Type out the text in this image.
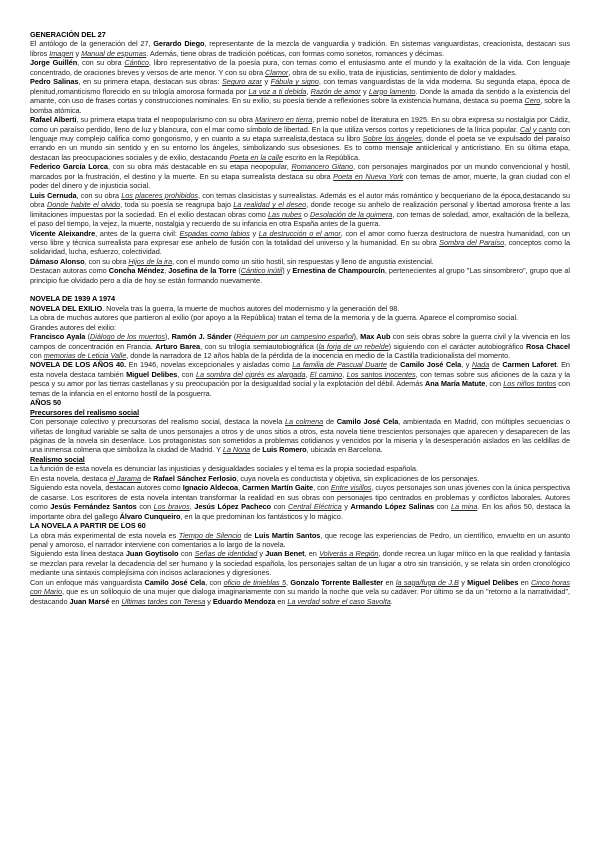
GENERACIÓN DEL 27

El antólogo de la generación del 27, Gerardo Diego, representante de la mezcla de vanguardia y tradición. En sistemas vanguardistas, creacionista, destacan sus libros Imagen y Manual de espumas. Además, tiene obras de tradición poéticas, con formas como sonetos, romances y décimas.

Jorge Guillén, con su obra Cántico, libro representativo de la poesía pura, con temas como el entusiasmo ante el mundo y la exaltación de la vida. Con lenguaje concentrado, de oraciones breves y versos de arte menor. Y con su obra Clamor, obra de su exilio, trata de injusticias, sentimiento de dolor y maldades.

Pedro Salinas, en su primera etapa, destacan sus obras: Seguro azar y Fábula y signo, con temas vanguardistas de la vida moderna. Su segunda etapa, época de plenitud,romanticismo florecido en su trilogía amorosa formada por La voz a ti debida, Razón de amor y Largo lamento. Donde la amada da sentido a la existencia del amante, con uso de frases cortas y construcciones nominales. En su exilio, su poesía tiende a reflexiones sobre la existencia humana, destaca su poema Cero, sobre la bomba atómica.

Rafael Alberti, su primera etapa trata el neopopularismo con su obra Marinero en tierra, premio nobel de literatura en 1925. En su obra expresa su nostalgia por Cádiz, como un paraíso perdido, lleno de luz y blancura, con el mar como símbolo de libertad. En la que utiliza versos cortos y repeticiones de la lírica popular. Cal y canto con lenguaje muy complejo califica como gongorismo, y en cuanto a su etapa surrealista,destaca su libro Sobre los ángeles, donde el poeta se ve expulsado del paraíso errando en un mundo sin sentido y en su entorno los ángeles, simbolizando sus obsesiones. Es to como mensaje antiiclerical y anticristiano. En su última etapa, destacan las preocupaciones sociales y de exilio, destacando Poeta en la calle escrito en la República.

Federico García Lorca, con su obra más destacable en su etapa neopopular, Romancero Gitano, con personajes marginados por un mundo convencional y hostil, marcados por la frustración, el destino y la muerte. En su etapa surrealista destaca su obra Poeta en Nueva York con temas de amor, muerte, la gran ciudad con el poder del dinero y de injusticia social.

Luis Cernuda, con su obra Los placeres prohibidos, con temas clasicistas y surrealistas. Además es el autor más romántico y becqueriano de la época,destacando su obra Donde habite el olvido, toda su poesía se reagrupa bajo La realidad y el deseo, donde recoge su anhelo de realización personal y libertad amorosa frente a las limitaciones impuestas por la sociedad. En el exilio destacan obras como Las nubes o Desolación de la quimera, con temas de soledad, amor, exaltación de la belleza, el paso del tiempo, la vejez, la muerte, nostalgia y recuerdo de su infancia en otra España antes de la guerra.

Vicente Aleixandre, antes de la guerra civil: Espadas como labios y La destrucción o el amor, con el amor como fuerza destructora de nuestra humanidad, con un verso libre y técnica surrealista para expresar ese anhelo de fusión con la totalidad del universo y la humanidad. En su obra Sombra del Paraíso, conceptos como la solidaridad, lucha, esfuerzo, colectividad.

Dámaso Alonso, con su obra Hijos de la ira, con el mundo como un sitio hostil, sin respuestas y lleno de angustia existencial.

Destacan autoras como Concha Méndez, Josefina de la Torre (Cántico inútil) y Ernestina de Champourcín, pertenecientes al grupo "Las sinsombrero", grupo que al principio fue olvidado pero a día de hoy se están formando nuevamente.

NOVELA DE 1939 A 1974

NOVELA DEL EXILIO. Novela tras la guerra, la muerte de muchos autores del modernismo y la generación del 98.

La obra de muchos autores que partieron al exilio (por apoyo a la República) tratan el tema de la memoria y de la guerra. Aparece el compromiso social.

Grandes autores del exilio:

Francisco Ayala (Diálogo de los muertos), Ramón J. Sánder (Réquiem por un campesino español), Max Aub con seis obras sobre la guerra civil y la vivencia en los campos de concentración en Francia. Arturo Barea, con su trilogía semiautobiográfica (la forja de un rebelde) siguiendo con el carácter autobiográfico Rosa Chacel con memorias de Leticia Valle, donde la narradora de 12 años habla de la pérdida de la inocencia en medio de la Castilla tradicionalista del momento.

NOVELA DE LOS AÑOS 40. En 1946, novelas excepcionales y aisladas como La familia de Pascual Duarte de Camilo José Cela, y Nada de Carmen Laforet. En esta novela destaca también Miguel Delibes, con La sombra del ciprés es alargada, El camino, Los santos inocentes, con temas sobre sus aficiones de la caza y la pesca y su amor por las tierras castellanas y su preocupación por la desigualdad social y la explotación del débil. Además Ana María Matute, con Los niños tontos con temas de la infancia en el entorno hostil de la posguerra.

AÑOS 50
Precursores del realismo social

Con personaje colectivo y precursoras del realismo social, destaca la novela La colmena de Camilo José Cela, ambientada en Madrid, con múltiples secuencias o viñetas de longitud variable se salta de unos personajes a otros y de unos sitios a otros, esta novela tiene trescientos personajes que aparecen y desaparecen de las páginas de la novela sin desenlace. Los protagonistas son sometidos a problemas cotidianos y vencidos por la miseria y la desesperación aislados en las celdillas de una inmensa colmena que simboliza la ciudad de Madrid. Y La Noria de Luis Romero, ubicada en Barcelona.

Realismo social

La función de esta novela es denunciar las injusticias y desigualdades sociales y el tema es la propia sociedad española.

En esta novela, destaca el Jarama de Rafael Sánchez Ferlosio, cuya novela es conductista y objetiva, sin explicaciones de los personajes.

Siguiendo esta novela, destacan autores como Ignacio Aldecoa, Carmen Martín Gaite, con Entre visillos, cuyos personajes son unas jóvenes con la única perspectiva de casarse. Los escritores de esta novela intentan transformar la realidad en sus obras con personajes tipo centrados en problemas y conflictos laborales. Autores como Jesús Fernández Santos con Los bravos, Jesús López Pacheco con Central Eléctrica y Armando López Salinas con La mina. En los años 50, destaca la importante obra del gallego Álvaro Cunqueiro, en la que predominan los fantásticos y lo mágico.

LA NOVELA A PARTIR DE LOS 60

La obra más experimental de esta novela es Tiempo de Silencio de Luis Martín Santos, que recoge las experiencias de Pedro, un científico, envuelto en un asunto penal y amoroso, el narrador interviene con comentarios a lo largo de la novela.

Siguiendo esta línea destaca Juan Goytisolo con Señas de identidad y Juan Benet, en Volverás a Región, donde recrea un lugar mítico en la que realidad y fantasía se mezclan para revelar la decadencia del ser humano y la sociedad española, los personajes saltan de un lugar a otro sin transición, y se relata sin orden cronológico mediante una sintaxis complejísima con incisos aclaraciones y digresiones.

Con un enfoque más vanguardista Camilo José Cela, con oficio de tinieblas 5, Gonzalo Torrente Ballester en la saga/fuga de J.B y Miguel Delibes en Cinco horas con Mario, que es un soliloquio de una mujer que dialoga imaginariamente con su marido la noche que vela su cadáver. Por último se da un "retorno a la narratividad", destacando Juan Marsé en Últimas tardes con Teresa y Eduardo Mendoza en La verdad sobre el caso Savolta.
